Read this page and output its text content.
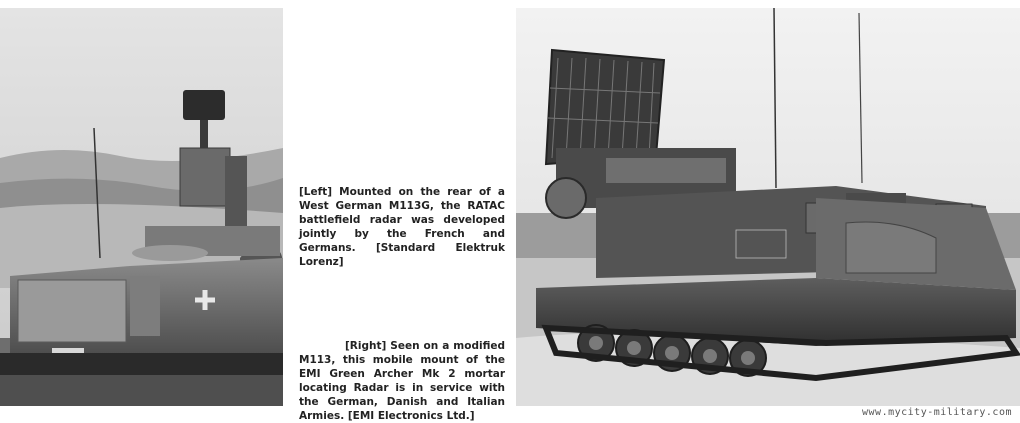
[Left] Mounted on the rear of a West German M113G, the RATAC battlefield radar was developed jointly by the French and Germans. [Standard Elektruk Lorenz]
[Right] Seen on a modified M113, this mobile mount of the EMI Green Archer Mk 2 mortar locating Radar is in service with the German, Danish and Italian Armies. [EMI Electronics Ltd.]	www.mycity-military.com
